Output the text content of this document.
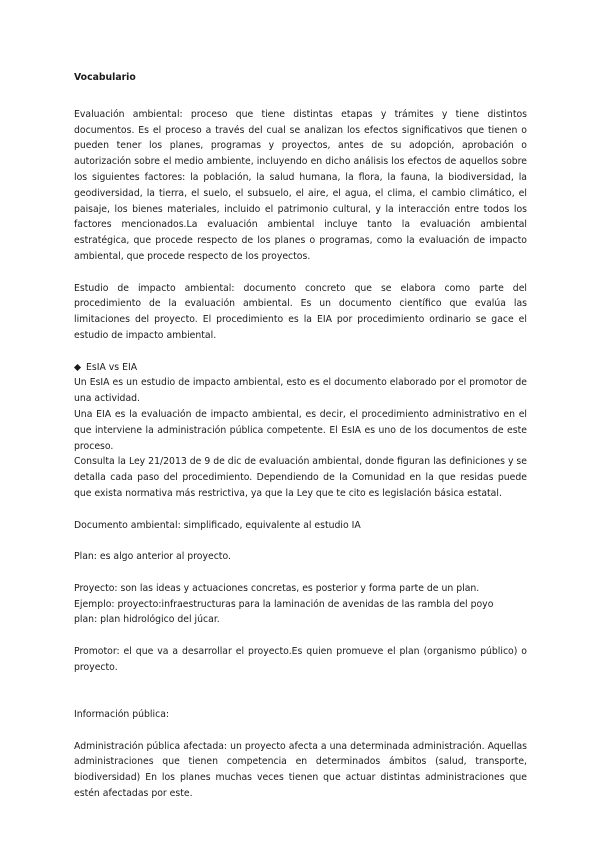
Vocabulario

Evaluación ambiental: proceso que tiene distintas etapas y trámites y tiene distintos documentos. Es el proceso a través del cual se analizan los efectos significativos que tienen o pueden tener los planes, programas y proyectos, antes de su adopción, aprobación o autorización sobre el medio ambiente, incluyendo en dicho análisis los efectos de aquellos sobre los siguientes factores: la población, la salud humana, la flora, la fauna, la biodiversidad, la geodiversidad, la tierra, el suelo, el subsuelo, el aire, el agua, el clima, el cambio climático, el paisaje, los bienes materiales, incluido el patrimonio cultural, y la interacción entre todos los factores mencionados.La evaluación ambiental incluye tanto la evaluación ambiental estratégica, que procede respecto de los planes o programas, como la evaluación de impacto ambiental, que procede respecto de los proyectos.

Estudio de impacto ambiental: documento concreto que se elabora como parte del procedimiento de la evaluación ambiental. Es un documento científico que evalúa las limitaciones del proyecto. El procedimiento es la EIA por procedimiento ordinario se gace el estudio de impacto ambiental.

EsIA vs EIA

Un EsIA es un estudio de impacto ambiental, esto es el documento elaborado por el promotor de una actividad.

Una EIA es la evaluación de impacto ambiental, es decir, el procedimiento administrativo en el que interviene la administración pública competente. El EsIA es uno de los documentos de este proceso.

Consulta la Ley 21/2013 de 9 de dic de evaluación ambiental, donde figuran las definiciones y se detalla cada paso del procedimiento. Dependiendo de la Comunidad en la que residas puede que exista normativa más restrictiva, ya que la Ley que te cito es legislación básica estatal.

Documento ambiental: simplificado, equivalente al estudio IA

Plan: es algo anterior al proyecto.

Proyecto: son las ideas y actuaciones concretas, es posterior y forma parte de un plan.

Ejemplo: proyecto:infraestructuras para la laminación de avenidas de las rambla del poyo

plan: plan hidrológico del júcar.

Promotor: el que va a desarrollar el proyecto.Es quien promueve el plan (organismo público) o proyecto.

Información pública:

Administración pública afectada: un proyecto afecta a una determinada administración. Aquellas administraciones que tienen competencia en determinados ámbitos (salud, transporte, biodiversidad) En los planes muchas veces tienen que actuar distintas administraciones que estén afectadas por este.
